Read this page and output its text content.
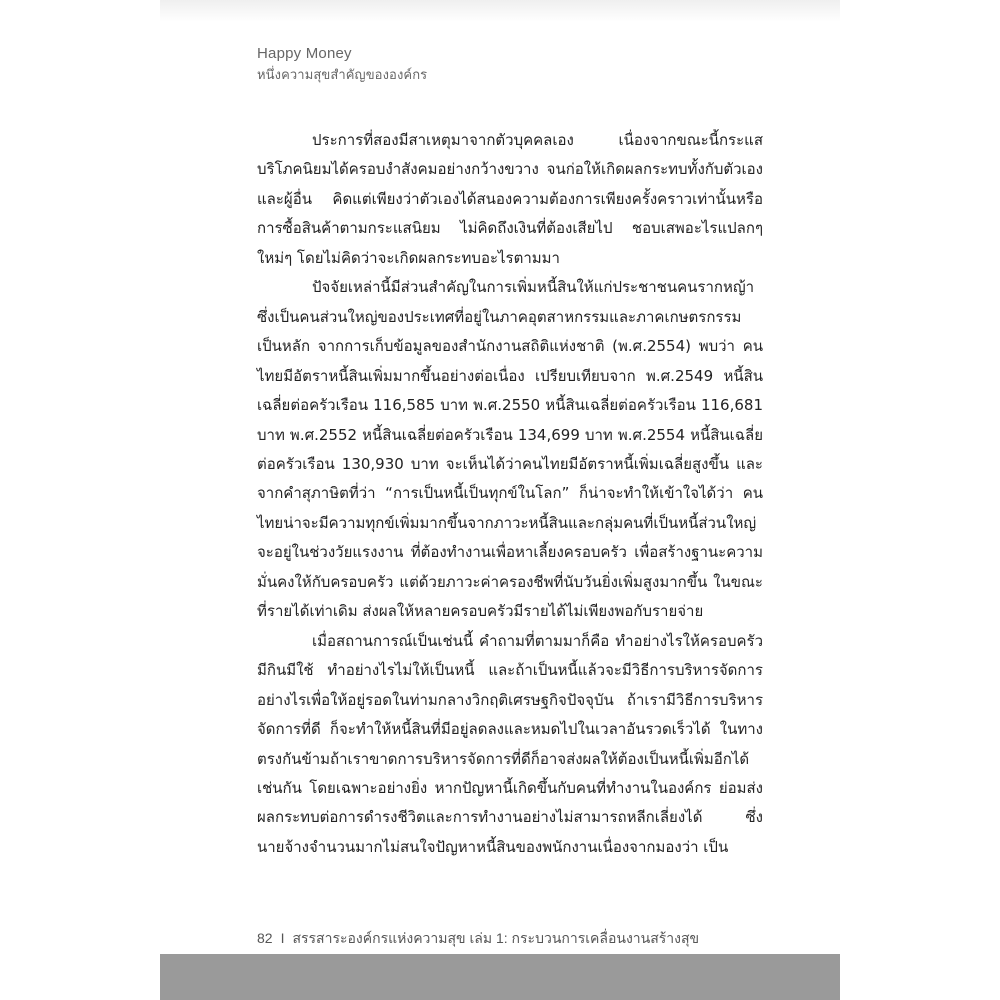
Happy Money
หนึ่งความสุขสำคัญขององค์กร

ประการที่สองมีสาเหตุมาจากตัวบุคคลเอง เนื่องจากขณะนี้กระแสบริโภคนิยมได้ครอบงำสังคมอย่างกว้างขวาง จนก่อให้เกิดผลกระทบทั้งกับตัวเองและผู้อื่น คิดแต่เพียงว่าตัวเองได้สนองความต้องการเพียงครั้งคราวเท่านั้นหรือการซื้อสินค้าตามกระแสนิยม ไม่คิดถึงเงินที่ต้องเสียไป ชอบเสพอะไรแปลกๆ ใหม่ๆ โดยไม่คิดว่าจะเกิดผลกระทบอะไรตามมา

ปัจจัยเหล่านี้มีส่วนสำคัญในการเพิ่มหนี้สินให้แก่ประชาชนคนรากหญ้า ซึ่งเป็นคนส่วนใหญ่ของประเทศที่อยู่ในภาคอุตสาหกรรมและภาคเกษตรกรรมเป็นหลัก จากการเก็บข้อมูลของสำนักงานสถิติแห่งชาติ (พ.ศ.2554) พบว่า คนไทยมีอัตราหนี้สินเพิ่มมากขึ้นอย่างต่อเนื่อง เปรียบเทียบจาก พ.ศ.2549 หนี้สินเฉลี่ยต่อครัวเรือน 116,585 บาท พ.ศ.2550 หนี้สินเฉลี่ยต่อครัวเรือน 116,681 บาท พ.ศ.2552 หนี้สินเฉลี่ยต่อครัวเรือน 134,699 บาท พ.ศ.2554 หนี้สินเฉลี่ยต่อครัวเรือน 130,930 บาท จะเห็นได้ว่าคนไทยมีอัตราหนี้เพิ่มเฉลี่ยสูงขึ้น และจากคำสุภาษิตที่ว่า “การเป็นหนี้เป็นทุกข์ในโลก” ก็น่าจะทำให้เข้าใจได้ว่า คนไทยน่าจะมีความทุกข์เพิ่มมากขึ้นจากภาวะหนี้สินและกลุ่มคนที่เป็นหนี้ส่วนใหญ่จะอยู่ในช่วงวัยแรงงาน ที่ต้องทำงานเพื่อหาเลี้ยงครอบครัว เพื่อสร้างฐานะความมั่นคงให้กับครอบครัว แต่ด้วยภาวะค่าครองชีพที่นับวันยิ่งเพิ่มสูงมากขึ้น ในขณะที่รายได้เท่าเดิม ส่งผลให้หลายครอบครัวมีรายได้ไม่เพียงพอกับรายจ่าย

เมื่อสถานการณ์เป็นเช่นนี้ คำถามที่ตามมาก็คือ ทำอย่างไรให้ครอบครัวมีกินมีใช้ ทำอย่างไรไม่ให้เป็นหนี้ และถ้าเป็นหนี้แล้วจะมีวิธีการบริหารจัดการอย่างไรเพื่อให้อยู่รอดในท่ามกลางวิกฤติเศรษฐกิจปัจจุบัน ถ้าเรามีวิธีการบริหารจัดการที่ดี ก็จะทำให้หนี้สินที่มีอยู่ลดลงและหมดไปในเวลาอันรวดเร็วได้ ในทางตรงกันข้ามถ้าเราขาดการบริหารจัดการที่ดีก็อาจส่งผลให้ต้องเป็นหนี้เพิ่มอีกได้เช่นกัน โดยเฉพาะอย่างยิ่ง หากปัญหานี้เกิดขึ้นกับคนที่ทำงานในองค์กร ย่อมส่งผลกระทบต่อการดำรงชีวิตและการทำงานอย่างไม่สามารถหลีกเลี่ยงได้ ซึ่งนายจ้างจำนวนมากไม่สนใจปัญหาหนี้สินของพนักงานเนื่องจากมองว่า เป็น

82 I สรรสาระองค์กรแห่งความสุข เล่ม 1: กระบวนการเคลื่อนงานสร้างสุข
